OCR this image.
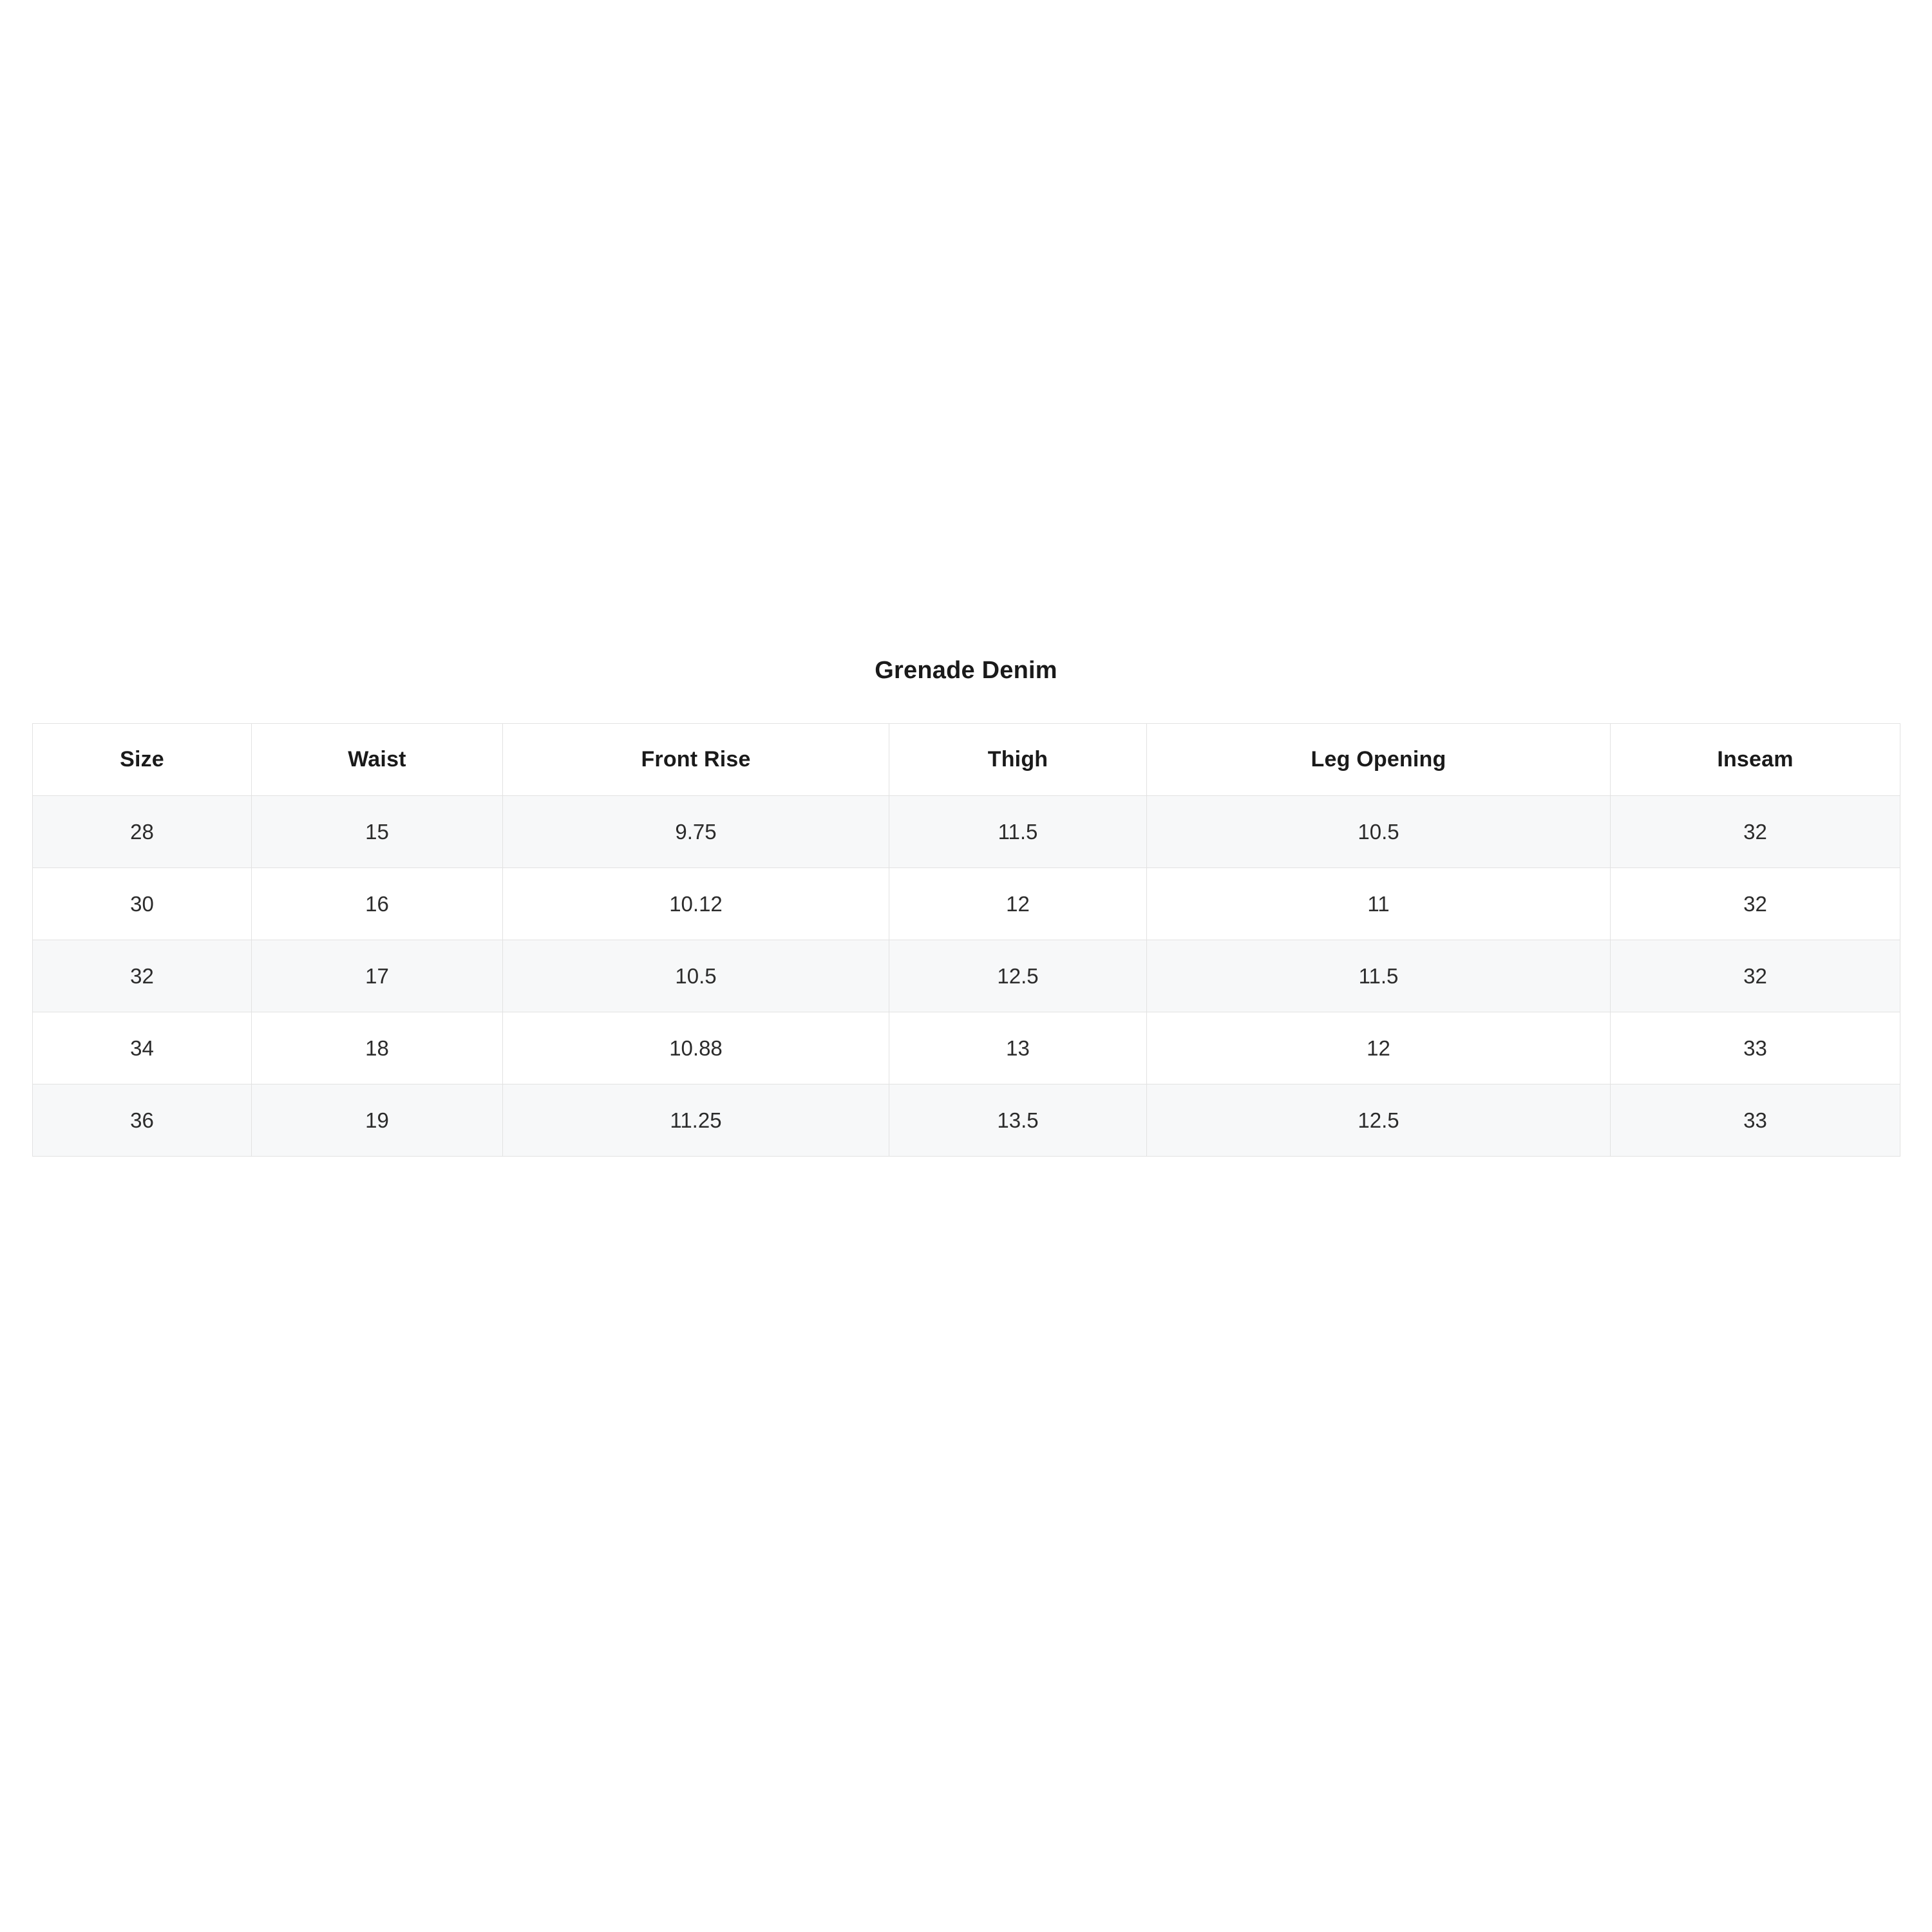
Grenade Denim
Size	Waist	Front Rise	Thigh	Leg Opening	Inseam
28	15	9.75	11.5	10.5	32
30	16	10.12	12	11	32
32	17	10.5	12.5	11.5	32
34	18	10.88	13	12	33
36	19	11.25	13.5	12.5	33
